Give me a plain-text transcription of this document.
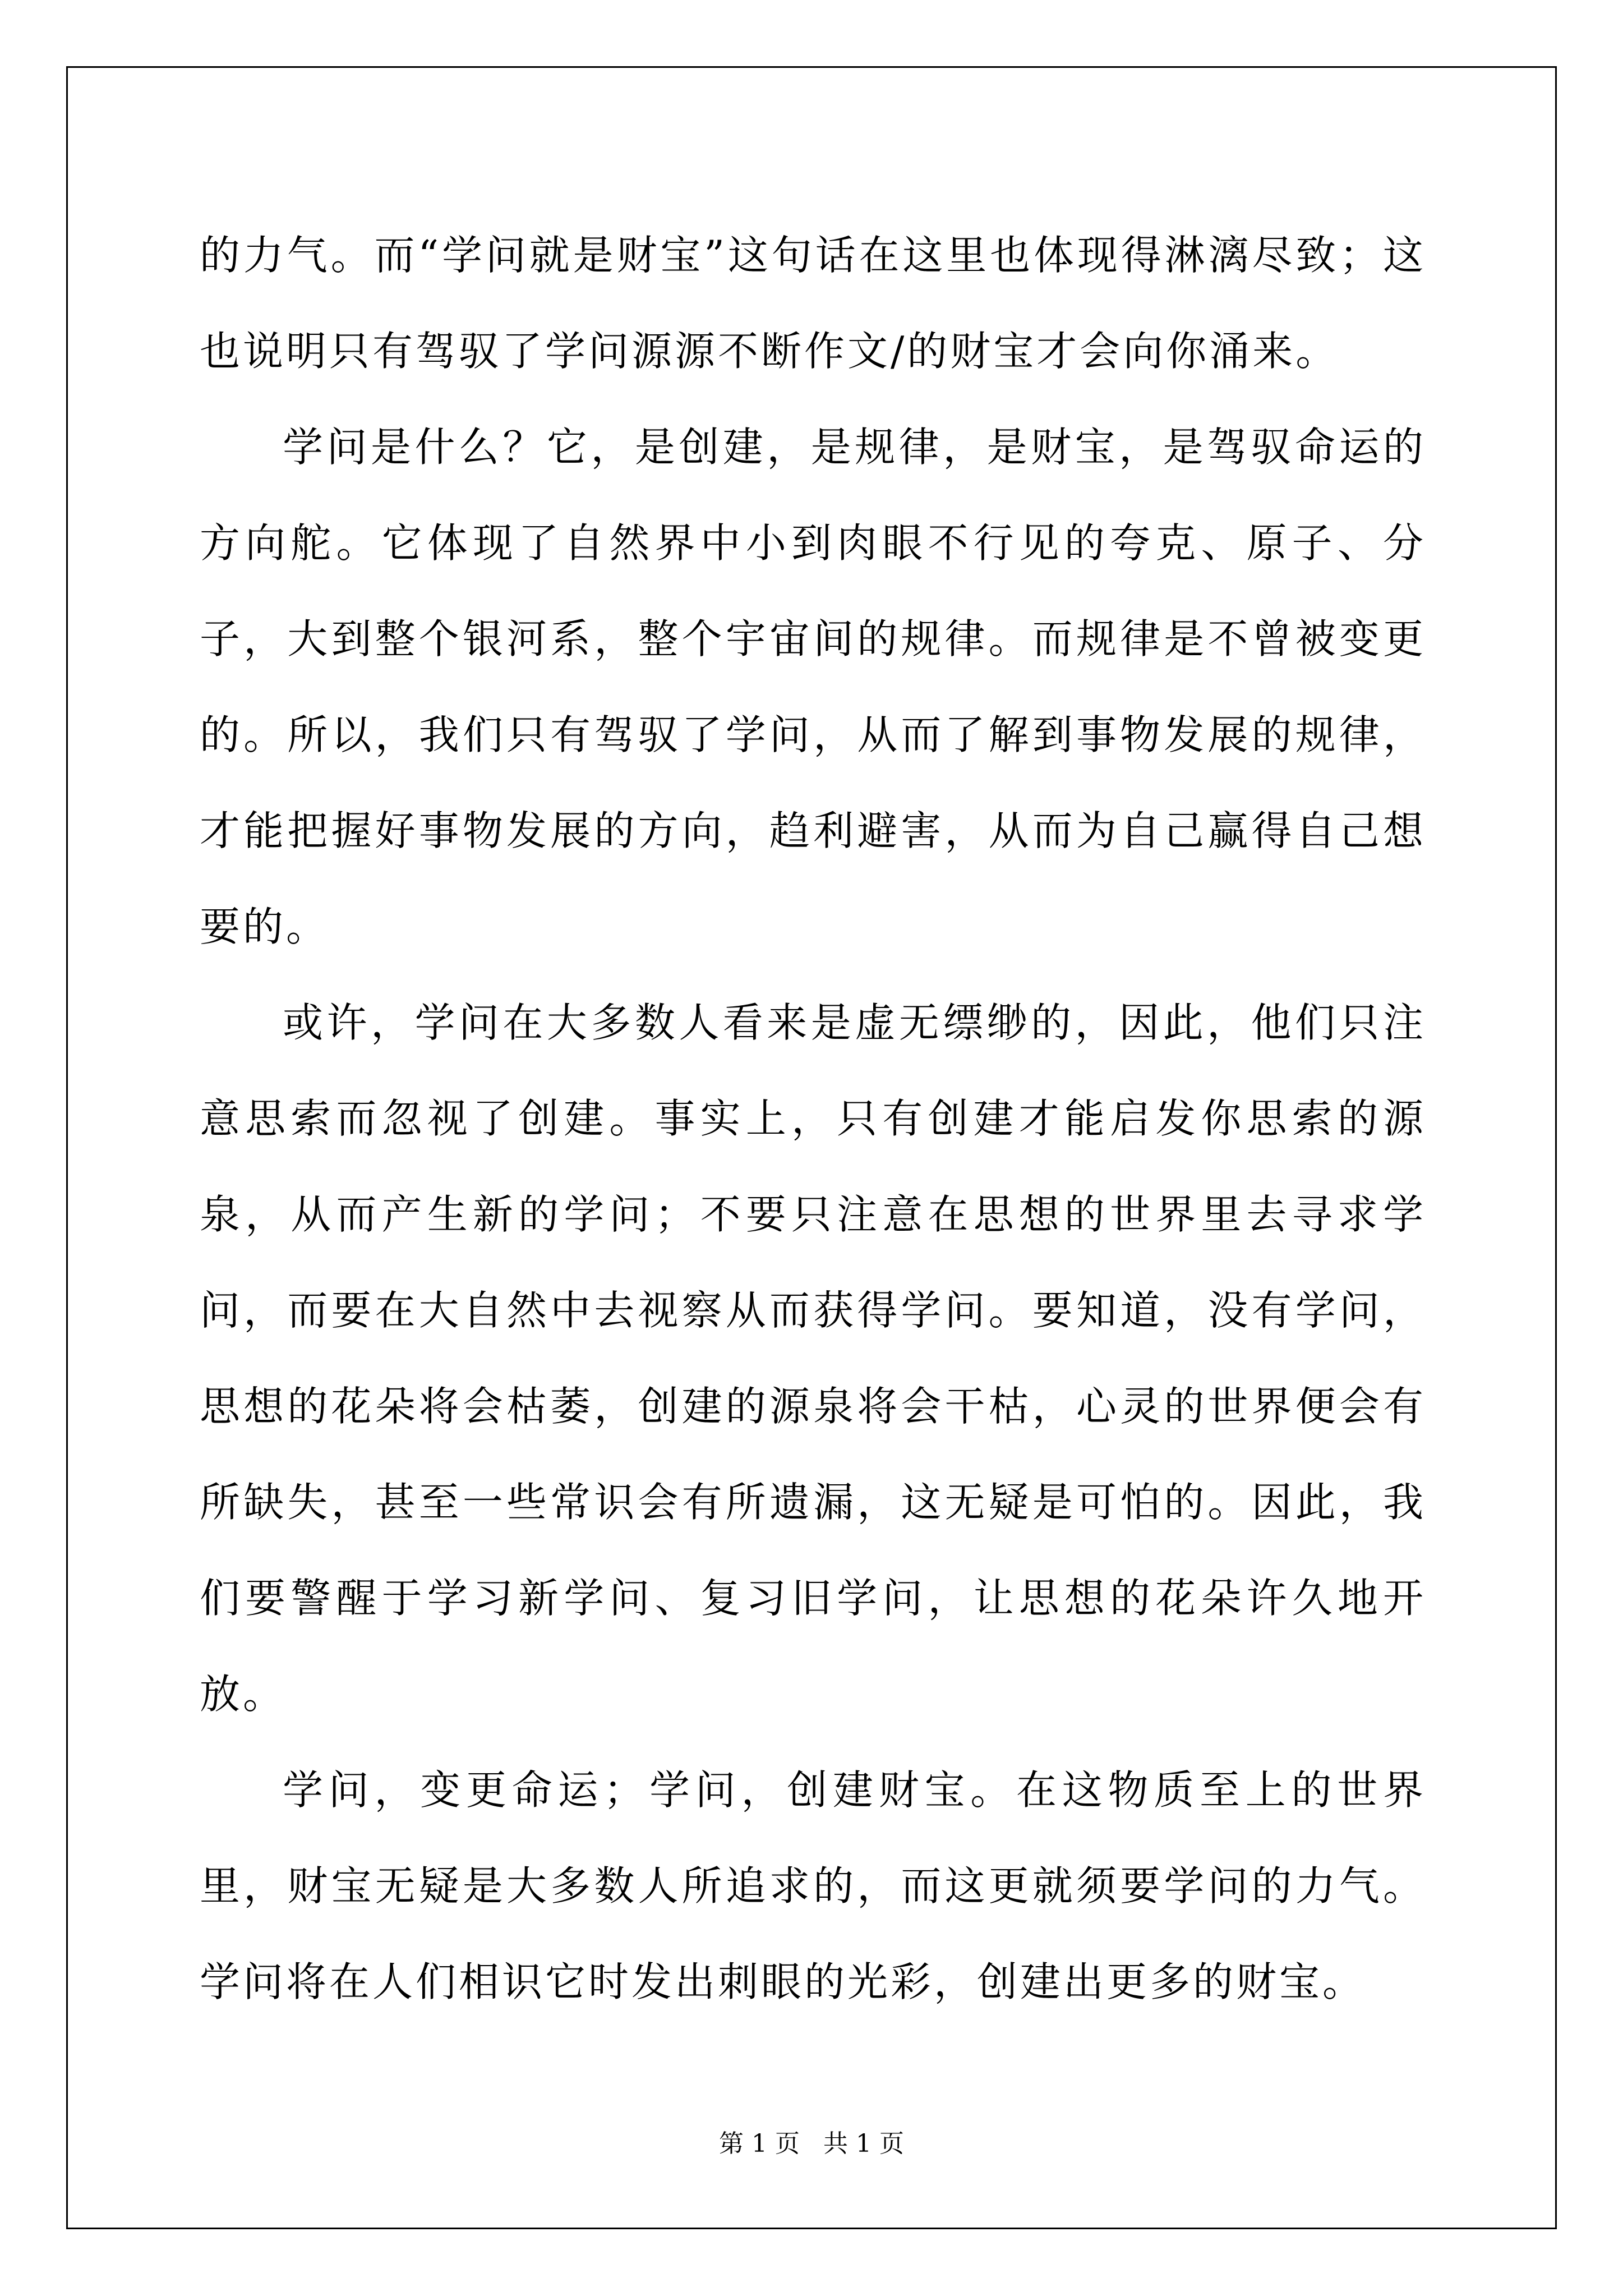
的力气。而“学问就是财宝”这句话在这里也体现得淋漓尽致；这也说明只有驾驭了学问源源不断作文/的财宝才会向你涌来。

学问是什么？它，是创建，是规律，是财宝，是驾驭命运的方向舵。它体现了自然界中小到肉眼不行见的夸克、原子、分子，大到整个银河系，整个宇宙间的规律。而规律是不曾被变更的。所以，我们只有驾驭了学问，从而了解到事物发展的规律，才能把握好事物发展的方向，趋利避害，从而为自己赢得自己想要的。

或许，学问在大多数人看来是虚无缥缈的，因此，他们只注意思索而忽视了创建。事实上，只有创建才能启发你思索的源泉，从而产生新的学问；不要只注意在思想的世界里去寻求学问，而要在大自然中去视察从而获得学问。要知道，没有学问，思想的花朵将会枯萎，创建的源泉将会干枯，心灵的世界便会有所缺失，甚至一些常识会有所遗漏，这无疑是可怕的。因此，我们要警醒于学习新学问、复习旧学问，让思想的花朵许久地开放。

学问，变更命运；学问，创建财宝。在这物质至上的世界里，财宝无疑是大多数人所追求的，而这更就须要学问的力气。学问将在人们相识它时发出刺眼的光彩，创建出更多的财宝。

第 1 页   共 1 页
